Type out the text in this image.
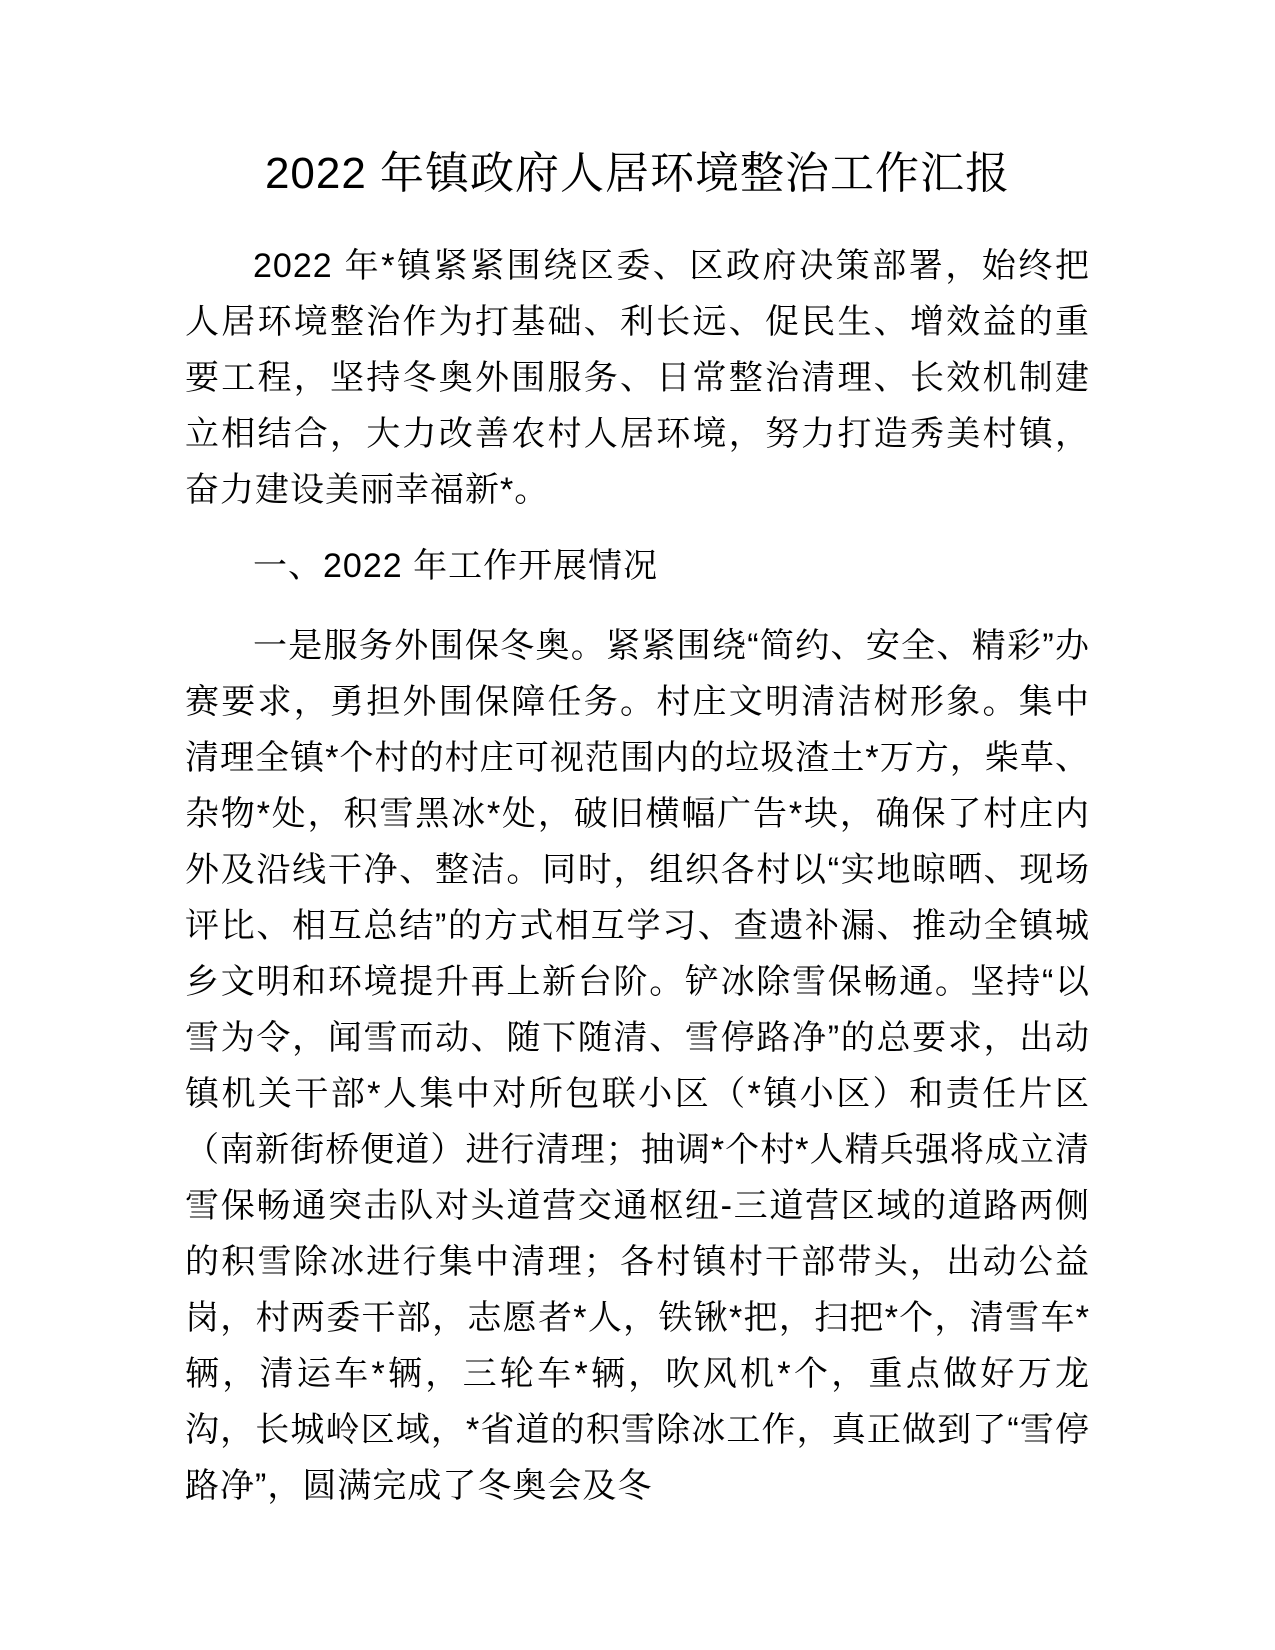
2022 年镇政府人居环境整治工作汇报

2022 年*镇紧紧围绕区委、区政府决策部署，始终把人居环境整治作为打基础、利长远、促民生、增效益的重要工程，坚持冬奥外围服务、日常整治清理、长效机制建立相结合，大力改善农村人居环境，努力打造秀美村镇，奋力建设美丽幸福新*。

一、2022 年工作开展情况

一是服务外围保冬奥。紧紧围绕“简约、安全、精彩”办赛要求，勇担外围保障任务。村庄文明清洁树形象。集中清理全镇*个村的村庄可视范围内的垃圾渣土*万方，柴草、杂物*处，积雪黑冰*处，破旧横幅广告*块，确保了村庄内外及沿线干净、整洁。同时，组织各村以“实地晾晒、现场评比、相互总结”的方式相互学习、查遗补漏、推动全镇城乡文明和环境提升再上新台阶。铲冰除雪保畅通。坚持“以雪为令，闻雪而动、随下随清、雪停路净”的总要求，出动镇机关干部*人集中对所包联小区（*镇小区）和责任片区（南新街桥便道）进行清理；抽调*个村*人精兵强将成立清雪保畅通突击队对头道营交通枢纽-三道营区域的道路两侧的积雪除冰进行集中清理；各村镇村干部带头，出动公益岗，村两委干部，志愿者*人，铁锹*把，扫把*个，清雪车*辆，清运车*辆，三轮车*辆，吹风机*个，重点做好万龙沟，长城岭区域，*省道的积雪除冰工作，真正做到了“雪停路净”，圆满完成了冬奥会及冬
